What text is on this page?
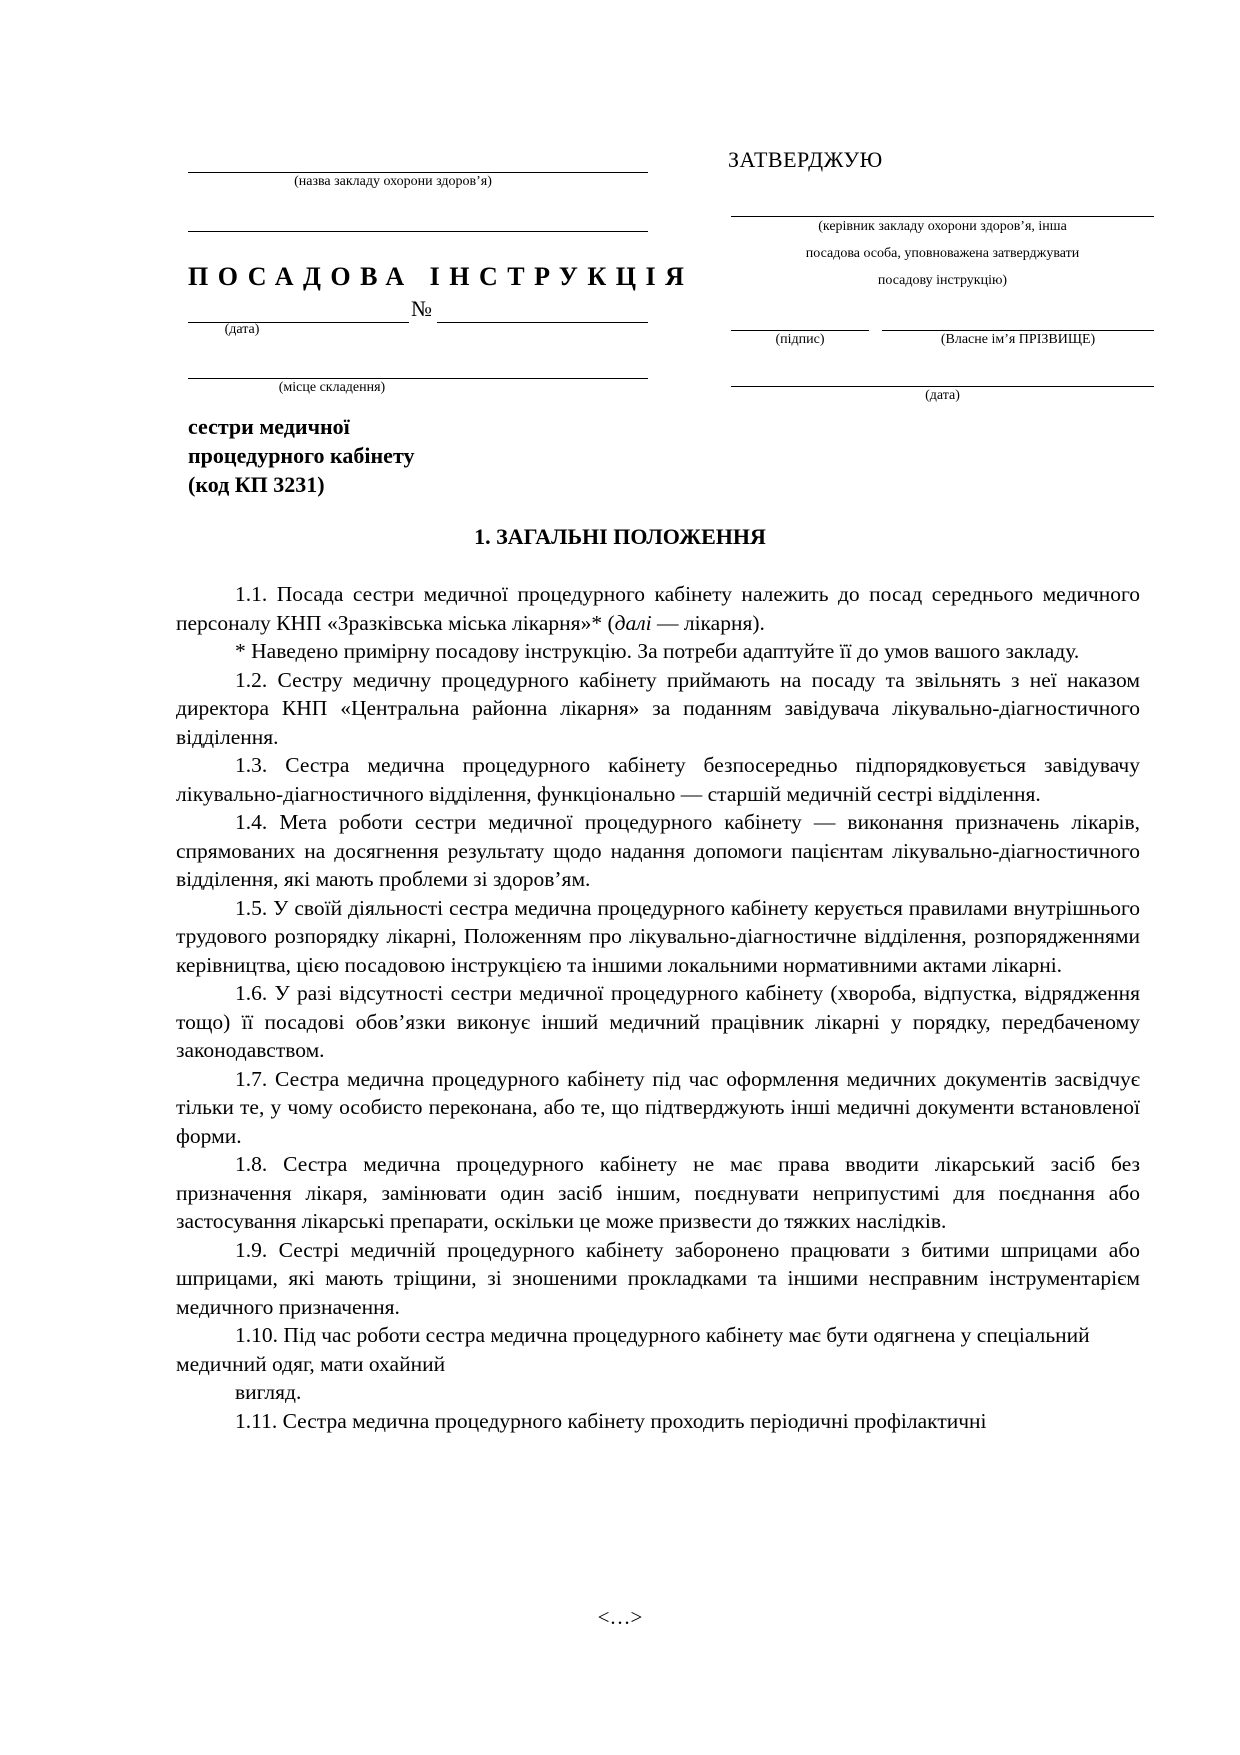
(назва закладу охорони здоров’я)
ПОСАДОВА ІНСТРУКЦІЯ
№
(дата)
(місце складення)
сестри медичної
процедурного кабінету
(код КП 3231)
ЗАТВЕРДЖУЮ
(керівник закладу охорони здоров’я, інша
посадова особа, уповноважена затверджувати
посадову інструкцію)
(підпис)	(Власне ім’я ПРІЗВИЩЕ)
(дата)
1. ЗАГАЛЬНІ ПОЛОЖЕННЯ

1.1. Посада сестри медичної процедурного кабінету належить до посад середнього медичного персоналу КНП «Зразківська міська лікарня»* (далі — лікарня).

* Наведено примірну посадову інструкцію. За потреби адаптуйте її до умов вашого закладу.

1.2. Сестру медичну процедурного кабінету приймають на посаду та звільнять з неї наказом директора КНП «Центральна районна лікарня» за поданням завідувача лікувально-діагностичного відділення.

1.3. Сестра медична процедурного кабінету безпосередньо підпорядковується завідувачу лікувально-діагностичного відділення, функціонально — старшій медичній сестрі відділення.

1.4. Мета роботи сестри медичної процедурного кабінету — виконання призначень лікарів, спрямованих на досягнення результату щодо надання допомоги пацієнтам лікувально-діагностичного відділення, які мають проблеми зі здоров’ям.

1.5. У своїй діяльності сестра медична процедурного кабінету керується правилами внутрішнього трудового розпорядку лікарні, Положенням про лікувально-діагностичне відділення, розпорядженнями керівництва, цією посадовою інструкцією та іншими локальними нормативними актами лікарні.

1.6. У разі відсутності сестри медичної процедурного кабінету (хвороба, відпустка, відрядження тощо) її посадові обов’язки виконує інший медичний працівник лікарні у порядку, передбаченому законодавством.

1.7. Сестра медична процедурного кабінету під час оформлення медичних документів засвідчує тільки те, у чому особисто переконана, або те, що підтверджують інші медичні документи встановленої форми.

1.8. Сестра медична процедурного кабінету не має права вводити лікарський засіб без призначення лікаря, замінювати один засіб іншим, поєднувати неприпустимі для поєднання або застосування лікарські препарати, оскільки це може призвести до тяжких наслідків.

1.9. Сестрі медичній процедурного кабінету заборонено працювати з битими шприцами або шприцами, які мають тріщини, зі зношеними прокладками та іншими несправним інструментарієм медичного призначення.

1.10. Під час роботи сестра медична процедурного кабінету має бути одягнена у спеціальний медичний одяг, мати охайний

вигляд.

1.11. Сестра медична процедурного кабінету проходить періодичні профілактичні

<…>
